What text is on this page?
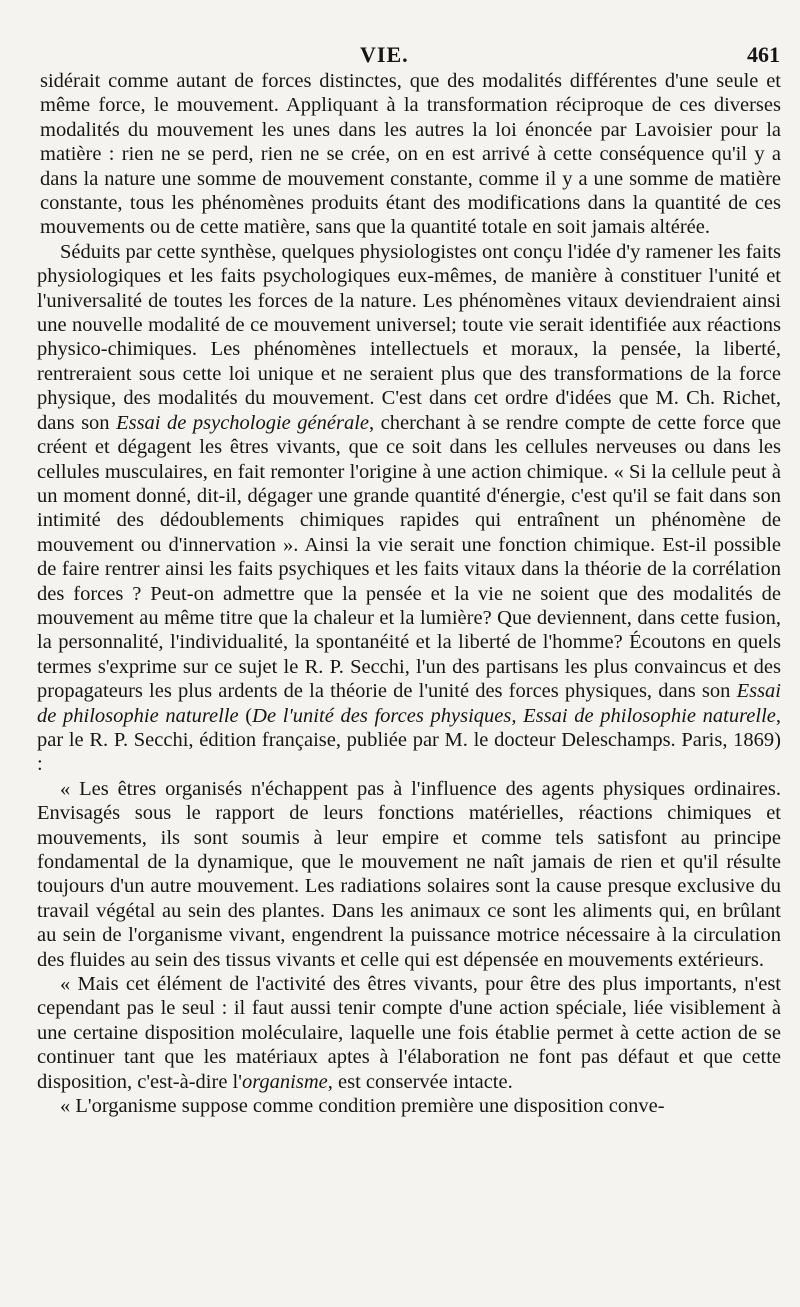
VIE.	461

sidérait comme autant de forces distinctes, que des modalités différentes d'une seule et même force, le mouvement. Appliquant à la transformation réciproque de ces diverses modalités du mouvement les unes dans les autres la loi énoncée par Lavoisier pour la matière : rien ne se perd, rien ne se crée, on en est arrivé à cette conséquence qu'il y a dans la nature une somme de mouvement constante, comme il y a une somme de matière constante, tous les phénomènes produits étant des modifications dans la quantité de ces mouvements ou de cette matière, sans que la quantité totale en soit jamais altérée.

Séduits par cette synthèse, quelques physiologistes ont conçu l'idée d'y ramener les faits physiologiques et les faits psychologiques eux-mêmes, de manière à constituer l'unité et l'universalité de toutes les forces de la nature. Les phénomènes vitaux deviendraient ainsi une nouvelle modalité de ce mouvement universel; toute vie serait identifiée aux réactions physico-chimiques. Les phénomènes intellectuels et moraux, la pensée, la liberté, rentreraient sous cette loi unique et ne seraient plus que des transformations de la force physique, des modalités du mouvement. C'est dans cet ordre d'idées que M. Ch. Richet, dans son Essai de psychologie générale, cherchant à se rendre compte de cette force que créent et dégagent les êtres vivants, que ce soit dans les cellules nerveuses ou dans les cellules musculaires, en fait remonter l'origine à une action chimique. « Si la cellule peut à un moment donné, dit-il, dégager une grande quantité d'énergie, c'est qu'il se fait dans son intimité des dédoublements chimiques rapides qui entraînent un phénomène de mouvement ou d'innervation ». Ainsi la vie serait une fonction chimique. Est-il possible de faire rentrer ainsi les faits psychiques et les faits vitaux dans la théorie de la corrélation des forces ? Peut-on admettre que la pensée et la vie ne soient que des modalités de mouvement au même titre que la chaleur et la lumière? Que deviennent, dans cette fusion, la personnalité, l'individualité, la spontanéité et la liberté de l'homme? Écoutons en quels termes s'exprime sur ce sujet le R. P. Secchi, l'un des partisans les plus convaincus et des propagateurs les plus ardents de la théorie de l'unité des forces physiques, dans son Essai de philosophie naturelle (De l'unité des forces physiques, Essai de philosophie naturelle, par le R. P. Secchi, édition française, publiée par M. le docteur Deleschamps. Paris, 1869) :

« Les êtres organisés n'échappent pas à l'influence des agents physiques ordinaires. Envisagés sous le rapport de leurs fonctions matérielles, réactions chimiques et mouvements, ils sont soumis à leur empire et comme tels satisfont au principe fondamental de la dynamique, que le mouvement ne naît jamais de rien et qu'il résulte toujours d'un autre mouvement. Les radiations solaires sont la cause presque exclusive du travail végétal au sein des plantes. Dans les animaux ce sont les aliments qui, en brûlant au sein de l'organisme vivant, engendrent la puissance motrice nécessaire à la circulation des fluides au sein des tissus vivants et celle qui est dépensée en mouvements extérieurs.

« Mais cet élément de l'activité des êtres vivants, pour être des plus importants, n'est cependant pas le seul : il faut aussi tenir compte d'une action spéciale, liée visiblement à une certaine disposition moléculaire, laquelle une fois établie permet à cette action de se continuer tant que les matériaux aptes à l'élaboration ne font pas défaut et que cette disposition, c'est-à-dire l'organisme, est conservée intacte.

« L'organisme suppose comme condition première une disposition conve-
